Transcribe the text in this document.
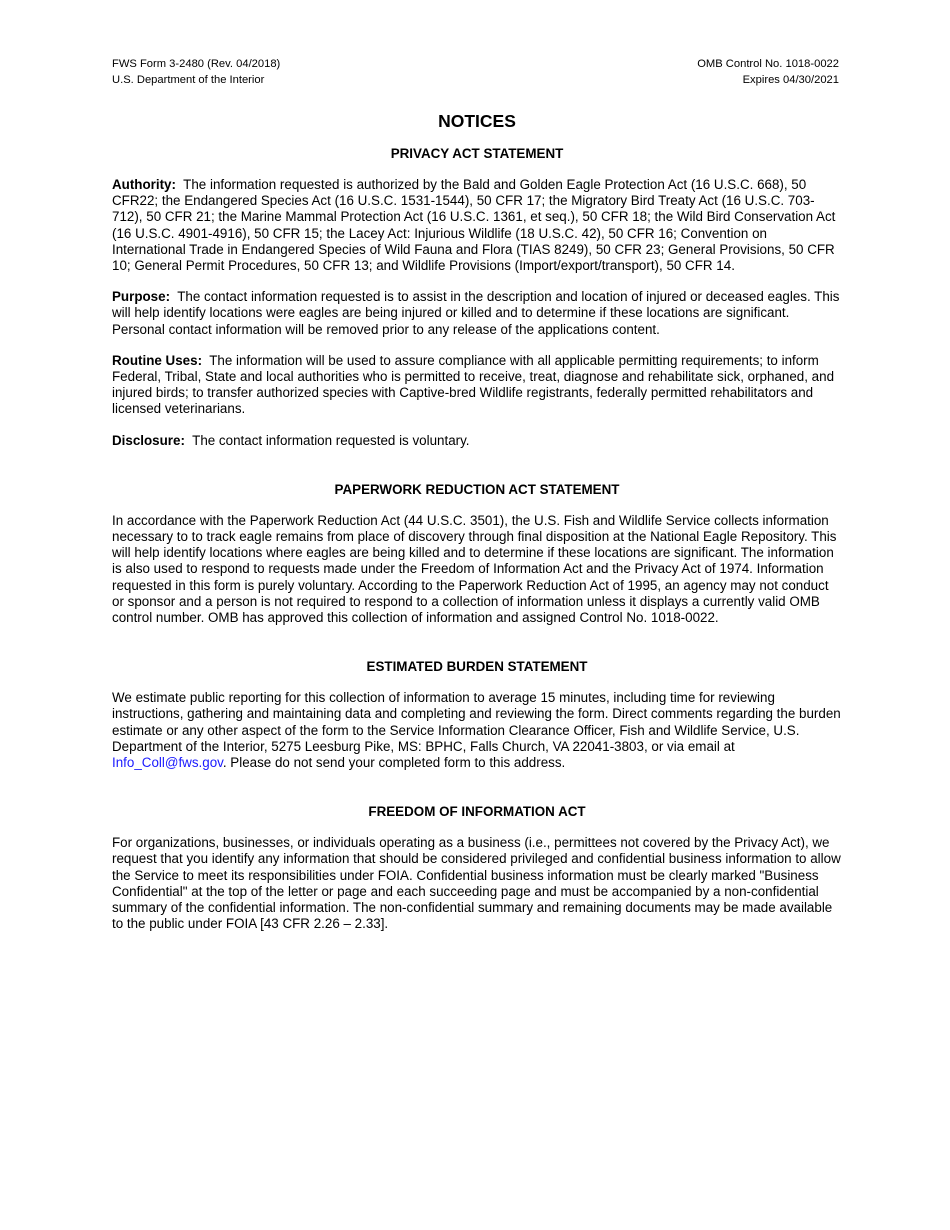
FWS Form 3-2480 (Rev. 04/2018)
U.S. Department of the Interior
OMB Control No. 1018-0022
Expires 04/30/2021
NOTICES
PRIVACY ACT STATEMENT

Authority: The information requested is authorized by the Bald and Golden Eagle Protection Act (16 U.S.C. 668), 50 CFR22; the Endangered Species Act (16 U.S.C. 1531-1544), 50 CFR 17; the Migratory Bird Treaty Act (16 U.S.C. 703-712), 50 CFR 21; the Marine Mammal Protection Act (16 U.S.C. 1361, et seq.), 50 CFR 18; the Wild Bird Conservation Act (16 U.S.C. 4901-4916), 50 CFR 15; the Lacey Act: Injurious Wildlife (18 U.S.C. 42), 50 CFR 16; Convention on International Trade in Endangered Species of Wild Fauna and Flora (TIAS 8249), 50 CFR 23; General Provisions, 50 CFR 10; General Permit Procedures, 50 CFR 13; and Wildlife Provisions (Import/export/transport), 50 CFR 14.

Purpose: The contact information requested is to assist in the description and location of injured or deceased eagles. This will help identify locations were eagles are being injured or killed and to determine if these locations are significant. Personal contact information will be removed prior to any release of the applications content.

Routine Uses: The information will be used to assure compliance with all applicable permitting requirements; to inform Federal, Tribal, State and local authorities who is permitted to receive, treat, diagnose and rehabilitate sick, orphaned, and injured birds; to transfer authorized species with Captive-bred Wildlife registrants, federally permitted rehabilitators and licensed veterinarians.

Disclosure: The contact information requested is voluntary.

PAPERWORK REDUCTION ACT STATEMENT

In accordance with the Paperwork Reduction Act (44 U.S.C. 3501), the U.S. Fish and Wildlife Service collects information necessary to to track eagle remains from place of discovery through final disposition at the National Eagle Repository. This will help identify locations where eagles are being killed and to determine if these locations are significant. The information is also used to respond to requests made under the Freedom of Information Act and the Privacy Act of 1974. Information requested in this form is purely voluntary. According to the Paperwork Reduction Act of 1995, an agency may not conduct or sponsor and a person is not required to respond to a collection of information unless it displays a currently valid OMB control number. OMB has approved this collection of information and assigned Control No. 1018-0022.

ESTIMATED BURDEN STATEMENT

We estimate public reporting for this collection of information to average 15 minutes, including time for reviewing instructions, gathering and maintaining data and completing and reviewing the form. Direct comments regarding the burden estimate or any other aspect of the form to the Service Information Clearance Officer, Fish and Wildlife Service, U.S. Department of the Interior, 5275 Leesburg Pike, MS: BPHC, Falls Church, VA 22041-3803, or via email at Info_Coll@fws.gov. Please do not send your completed form to this address.

FREEDOM OF INFORMATION ACT

For organizations, businesses, or individuals operating as a business (i.e., permittees not covered by the Privacy Act), we request that you identify any information that should be considered privileged and confidential business information to allow the Service to meet its responsibilities under FOIA. Confidential business information must be clearly marked "Business Confidential" at the top of the letter or page and each succeeding page and must be accompanied by a non-confidential summary of the confidential information. The non-confidential summary and remaining documents may be made available to the public under FOIA [43 CFR 2.26 – 2.33].
